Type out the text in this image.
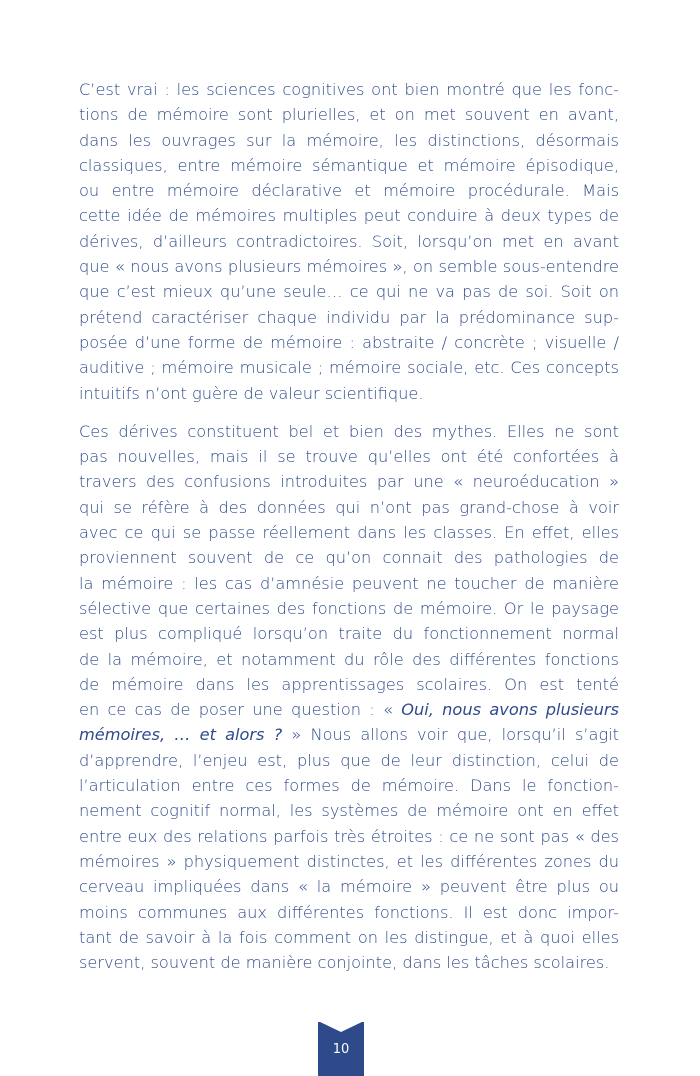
C’est vrai : les sciences cognitives ont bien montré que les fonc-
tions de mémoire sont plurielles, et on met souvent en avant,
dans les ouvrages sur la mémoire, les distinctions, désormais
classiques, entre mémoire sémantique et mémoire épisodique,
ou entre mémoire déclarative et mémoire procédurale. Mais
cette idée de mémoires multiples peut conduire à deux types de
dérives, d’ailleurs contradictoires. Soit, lorsqu’on met en avant
que « nous avons plusieurs mémoires », on semble sous-entendre
que c’est mieux qu’une seule… ce qui ne va pas de soi. Soit on
prétend caractériser chaque individu par la prédominance sup-
posée d’une forme de mémoire : abstraite / concrète ; visuelle /
auditive ; mémoire musicale ; mémoire sociale, etc. Ces concepts
intuitifs n’ont guère de valeur scientifique.
Ces dérives constituent bel et bien des mythes. Elles ne sont
pas nouvelles, mais il se trouve qu’elles ont été confortées à
travers des confusions introduites par une « neuroéducation »
qui se réfère à des données qui n’ont pas grand-chose à voir
avec ce qui se passe réellement dans les classes. En effet, elles
proviennent souvent de ce qu’on connait des pathologies de
la mémoire : les cas d’amnésie peuvent ne toucher de manière
sélective que certaines des fonctions de mémoire. Or le paysage
est plus compliqué lorsqu’on traite du fonctionnement normal
de la mémoire, et notamment du rôle des différentes fonctions
de mémoire dans les apprentissages scolaires. On est tenté
en ce cas de poser une question : « Oui, nous avons plusieurs
mémoires, … et alors ? » Nous allons voir que, lorsqu’il s’agit
d’apprendre, l’enjeu est, plus que de leur distinction, celui de
l’articulation entre ces formes de mémoire. Dans le fonction-
nement cognitif normal, les systèmes de mémoire ont en effet
entre eux des relations parfois très étroites : ce ne sont pas « des
mémoires » physiquement distinctes, et les différentes zones du
cerveau impliquées dans « la mémoire » peuvent être plus ou
moins communes aux différentes fonctions. Il est donc impor-
tant de savoir à la fois comment on les distingue, et à quoi elles
servent, souvent de manière conjointe, dans les tâches scolaires.
10
